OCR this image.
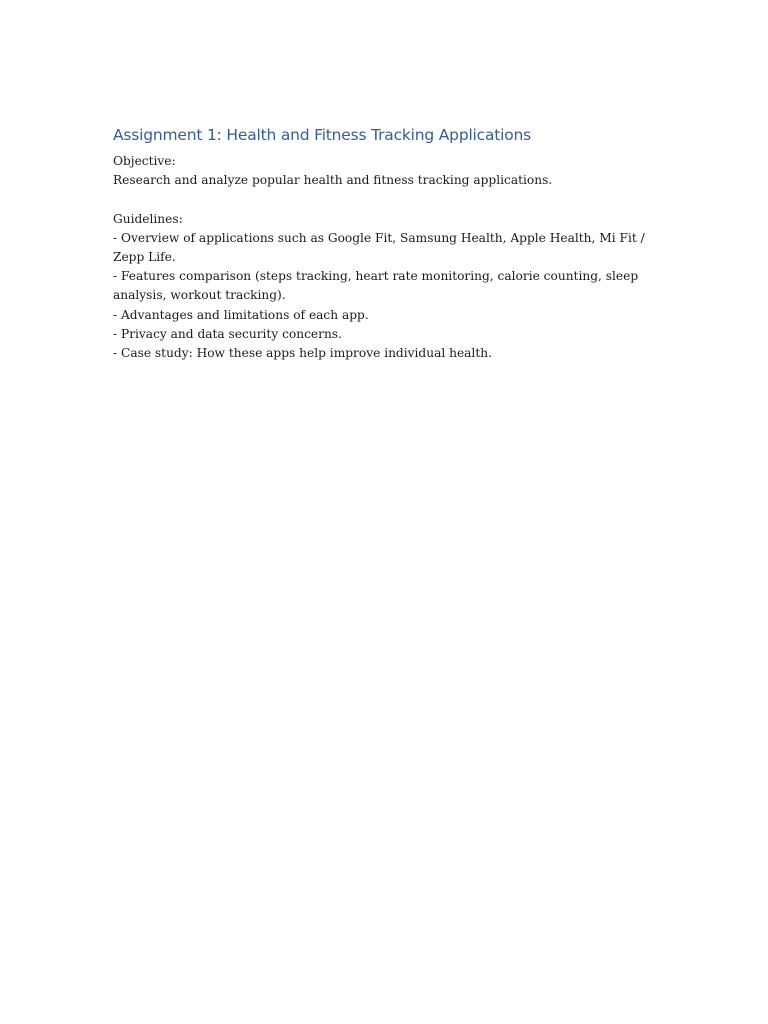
Assignment 1: Health and Fitness Tracking Applications

Objective:

Research and analyze popular health and fitness tracking applications.

Guidelines:

- Overview of applications such as Google Fit, Samsung Health, Apple Health, Mi Fit / Zepp Life.
- Features comparison (steps tracking, heart rate monitoring, calorie counting, sleep analysis, workout tracking).
- Advantages and limitations of each app.
- Privacy and data security concerns.
- Case study: How these apps help improve individual health.
